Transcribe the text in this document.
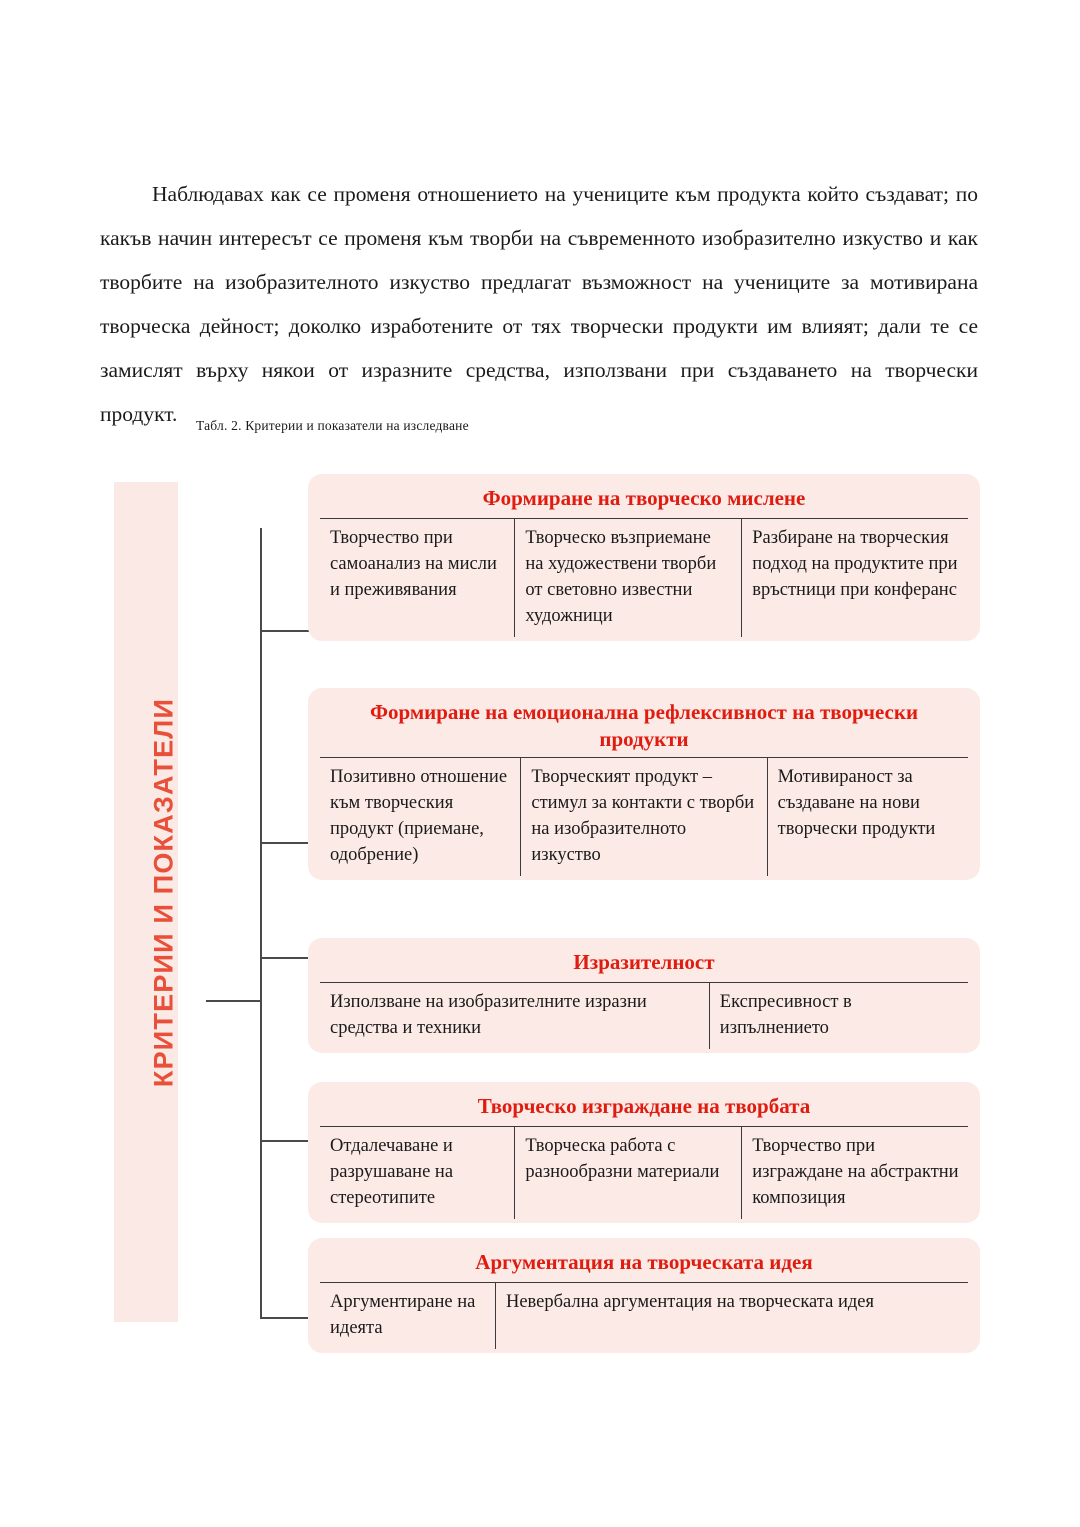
Наблюдавах как се променя отношението на учениците към продукта който създават; по какъв начин интересът се променя към творби на съвременното изобразително изкуство и как творбите на изобразителното изкуство предлагат възможност на учениците за мотивирана творческа дейност; доколко изработените от тях творчески продукти им влияят; дали те се замислят върху някои от изразните средства, използвани при създаването на творчески продукт.	Табл. 2. Критерии и показатели на изследване
КРИТЕРИИ И ПОКАЗАТЕЛИ
Формиране на творческо мислене
Творчество при самоанализ на мисли и преживявания
Творческо възприемане на художествени творби от световно известни художници
Разбиране на творческия подход на продуктите при връстници при конферанс
Формиране на емоционална рефлексивност на творчески продукти
Позитивно отношение към творческия продукт (приемане, одобрение)
Творческият продукт – стимул за контакти с творби на изобразителното изкуство
Мотивираност за създаване на нови творчески продукти
Изразителност
Използване на изобразителните изразни средства и техники
Експресивност в изпълнението
Творческо изграждане на творбата
Отдалечаване и разрушаване на стереотипите
Творческа работа с разнообразни материали
Творчество при изграждане на абстрактни композиция
Аргументация на творческата идея
Аргументиране на идеята
Невербална аргументация на творческата идея
